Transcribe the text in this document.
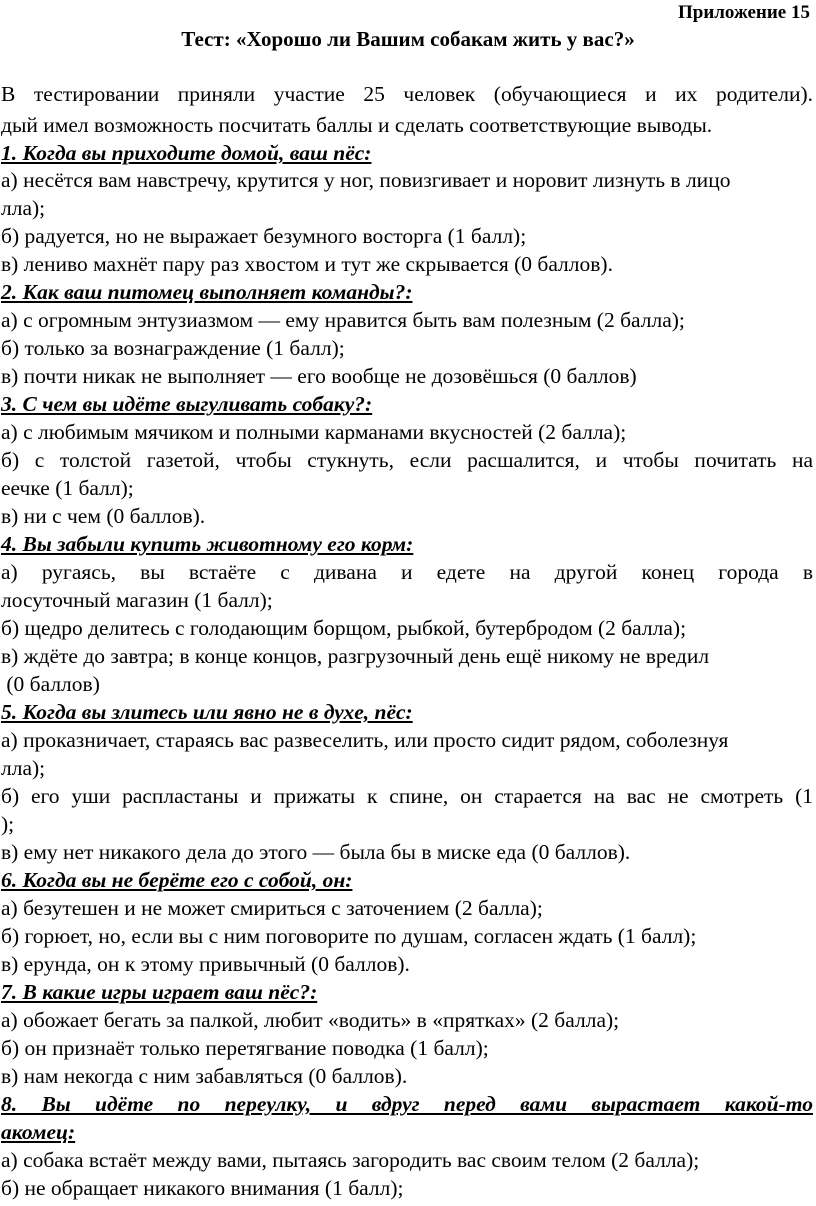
Приложение 15
Тест: «Хорошо ли Вашим собакам жить у вас?»
В тестировании приняли участие 25 человек (обучающиеся и их родители).
дый имел возможность посчитать баллы и сделать соответствующие выводы.
1. Когда вы приходите домой, ваш пёс:
а) несётся вам навстречу, крутится у ног, повизгивает и норовит лизнуть в лицо
лла);
б) радуется, но не выражает безумного восторга (1 балл);
в) лениво махнёт пару раз хвостом и тут же скрывается (0 баллов).
2. Как ваш питомец выполняет команды?:
а) с огромным энтузиазмом — ему нравится быть вам полезным (2 балла);
б) только за вознаграждение (1 балл);
в) почти никак не выполняет — его вообще не дозовёшься (0 баллов)
3. С чем вы идёте выгуливать собаку?:
а) с любимым мячиком и полными карманами вкусностей (2 балла);
б) с толстой газетой, чтобы стукнуть, если расшалится, и чтобы почитать на
еечке (1 балл);
в) ни с чем (0 баллов).
4. Вы забыли купить животному его корм:
а) ругаясь, вы встаёте с дивана и едете на другой конец города в
лосуточный магазин (1 балл);
б) щедро делитесь с голодающим борщом, рыбкой, бутербродом (2 балла);
в) ждёте до завтра; в конце концов, разгрузочный день ещё никому не вредил
(0 баллов)
5. Когда вы злитесь или явно не в духе, пёс:
а) проказничает, стараясь вас развеселить, или просто сидит рядом, соболезнуя
лла);
б) его уши распластаны и прижаты к спине, он старается на вас не смотреть (1
);
в) ему нет никакого дела до этого — была бы в миске еда (0 баллов).
6. Когда вы не берёте его с собой, он:
а) безутешен и не может смириться с заточением (2 балла);
б) горюет, но, если вы с ним поговорите по душам, согласен ждать (1 балл);
в) ерунда, он к этому привычный (0 баллов).
7. В какие игры играет ваш пёс?:
а) обожает бегать за палкой, любит «водить» в «прятках» (2 балла);
б) он признаёт только перетягвание поводка (1 балл);
в) нам некогда с ним забавляться (0 баллов).
8. Вы идёте по переулку, и вдруг перед вами вырастает какой-то
акомец:
а) собака встаёт между вами, пытаясь загородить вас своим телом (2 балла);
б) не обращает никакого внимания (1 балл);
